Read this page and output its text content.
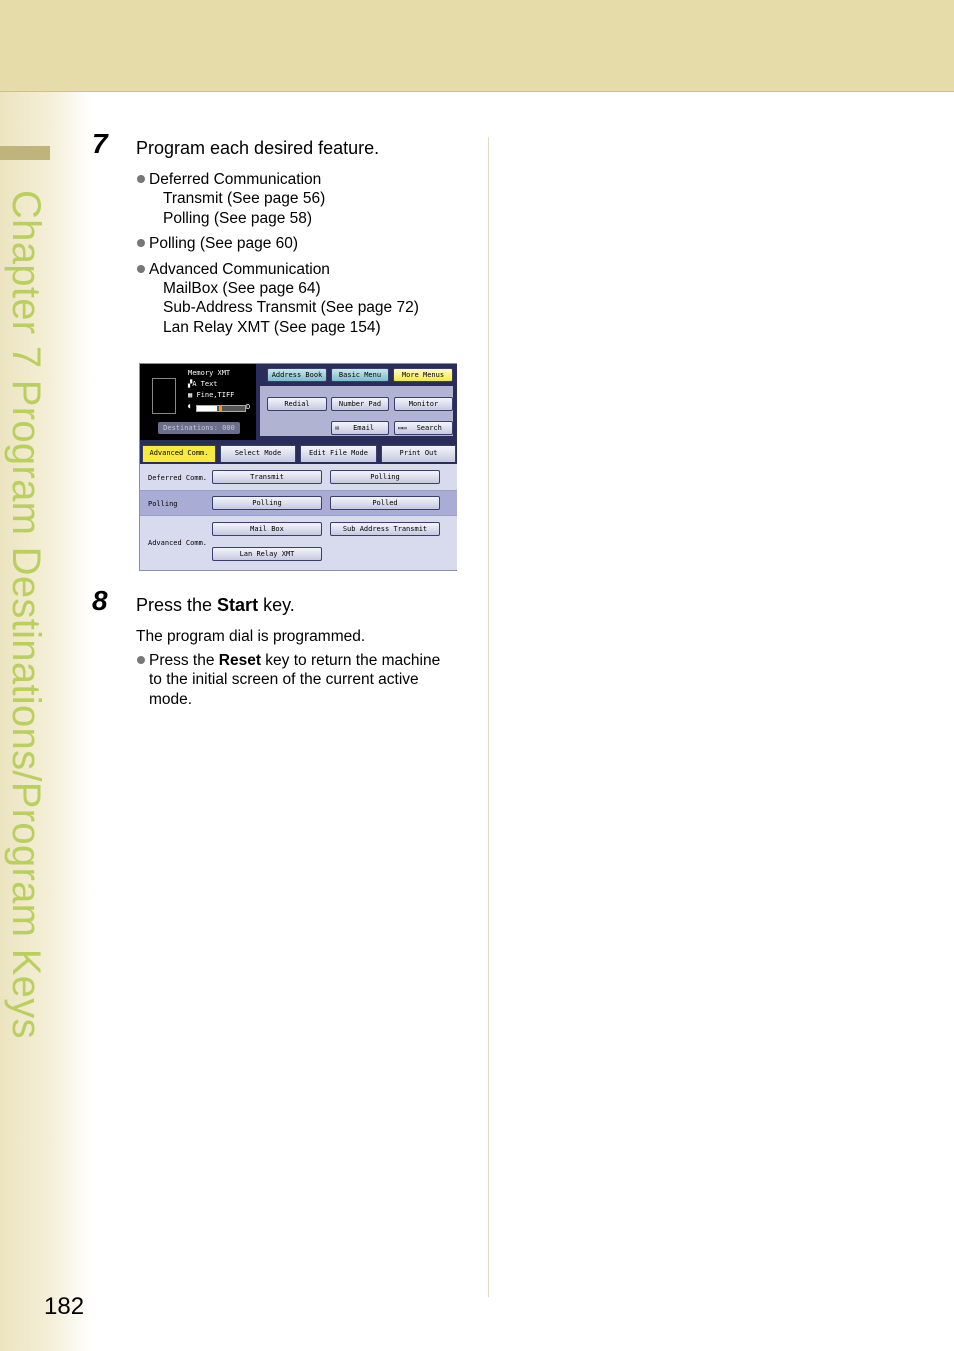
Chapter 7 Program Destinations/Program Keys
7 Program each desired feature.
Deferred Communication
Transmit (See page 56)
Polling (See page 58)
Polling (See page 60)
Advanced Communication
MailBox (See page 64)
Sub-Address Transmit (See page 72)
Lan Relay XMT (See page 154)
Memory XMT
▞A Text
▦ Fine,TIFF
◖	D
Destinations: 000
Address Book	Basic Menu	More Menus
Redial	Number Pad	Monitor
✉ Email	▭▭ Search
Advanced Comm.	Select Mode	Edit File Mode	Print Out
Deferred Comm.	Transmit	Polling
Polling	Polling	Polled
Advanced Comm.
Mail Box	Sub Address Transmit
Lan Relay XMT
8 Press the Start key.
The program dial is programmed.
Press the Reset key to return the machine
to the initial screen of the current active
mode.
182
